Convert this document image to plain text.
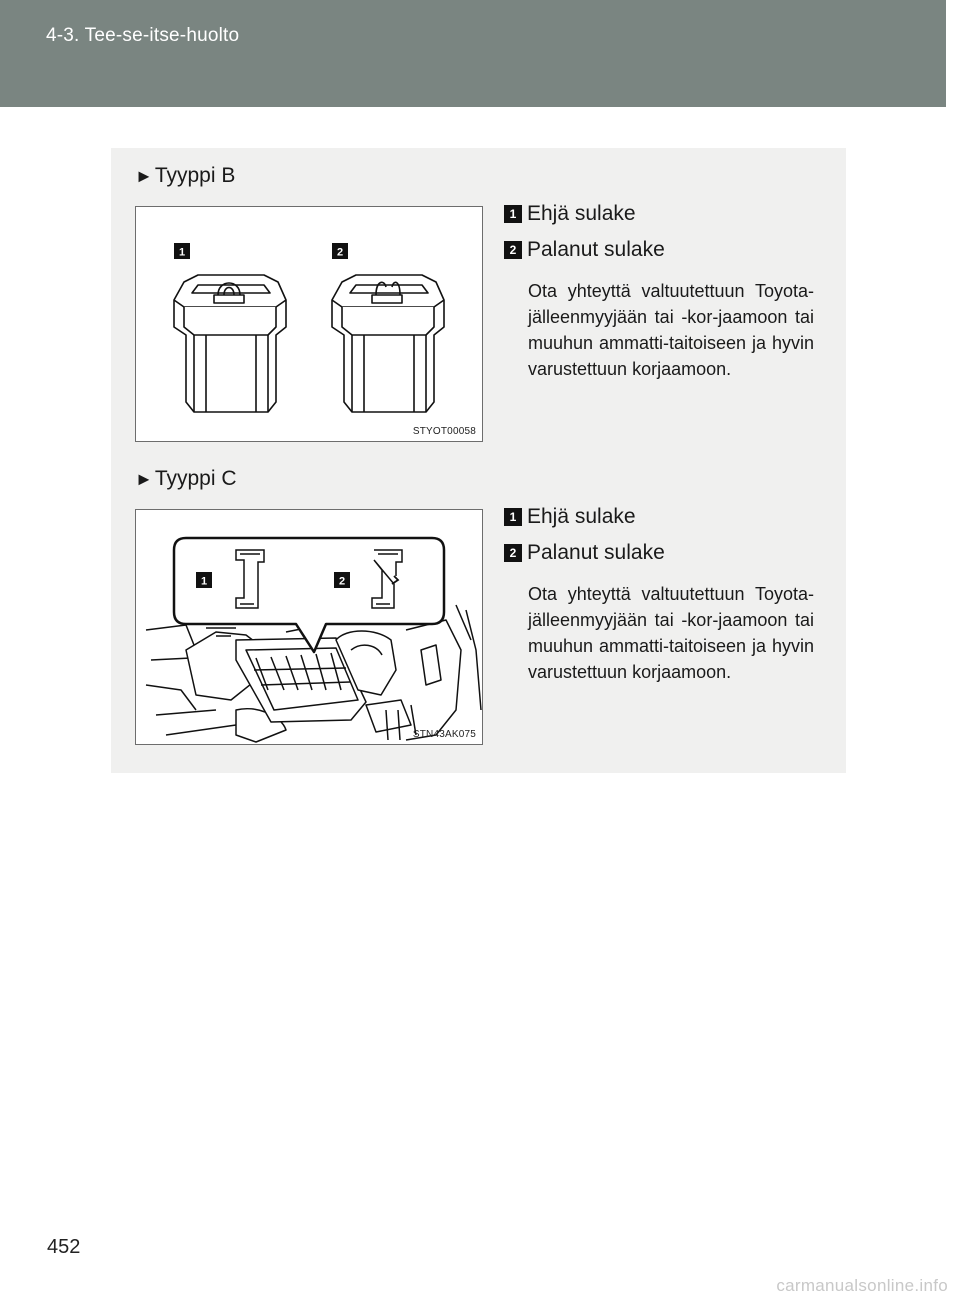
4-3. Tee-se-itse-huolto
►Tyyppi B
1	2
STYOT00058
1 Ehjä sulake
2 Palanut sulake
Ota yhteyttä valtuutettuun Toyota-jälleenmyyjään tai -kor-jaamoon tai muuhun ammatti-taitoiseen ja hyvin varustettuun korjaamoon.
►Tyyppi C
1	2
STN43AK075
1 Ehjä sulake
2 Palanut sulake
Ota yhteyttä valtuutettuun Toyota-jälleenmyyjään tai -kor-jaamoon tai muuhun ammatti-taitoiseen ja hyvin varustettuun korjaamoon.
452
carmanualsonline.info
